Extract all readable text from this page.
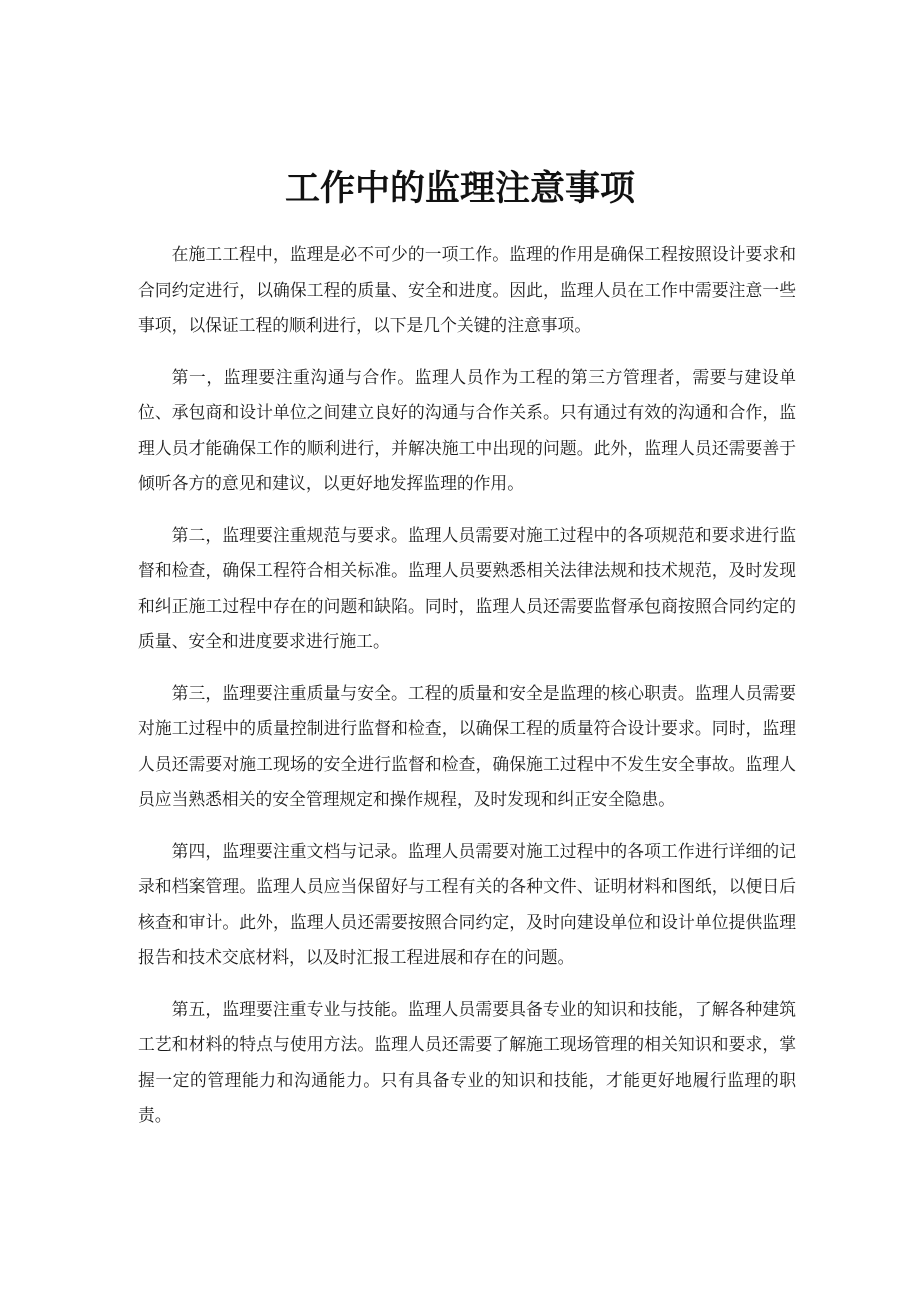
工作中的监理注意事项

在施工工程中，监理是必不可少的一项工作。监理的作用是确保工程按照设计要求和合同约定进行，以确保工程的质量、安全和进度。因此，监理人员在工作中需要注意一些事项，以保证工程的顺利进行，以下是几个关键的注意事项。

第一，监理要注重沟通与合作。监理人员作为工程的第三方管理者，需要与建设单位、承包商和设计单位之间建立良好的沟通与合作关系。只有通过有效的沟通和合作，监理人员才能确保工作的顺利进行，并解决施工中出现的问题。此外，监理人员还需要善于倾听各方的意见和建议，以更好地发挥监理的作用。

第二，监理要注重规范与要求。监理人员需要对施工过程中的各项规范和要求进行监督和检查，确保工程符合相关标准。监理人员要熟悉相关法律法规和技术规范，及时发现和纠正施工过程中存在的问题和缺陷。同时，监理人员还需要监督承包商按照合同约定的质量、安全和进度要求进行施工。

第三，监理要注重质量与安全。工程的质量和安全是监理的核心职责。监理人员需要对施工过程中的质量控制进行监督和检查，以确保工程的质量符合设计要求。同时，监理人员还需要对施工现场的安全进行监督和检查，确保施工过程中不发生安全事故。监理人员应当熟悉相关的安全管理规定和操作规程，及时发现和纠正安全隐患。

第四，监理要注重文档与记录。监理人员需要对施工过程中的各项工作进行详细的记录和档案管理。监理人员应当保留好与工程有关的各种文件、证明材料和图纸，以便日后核查和审计。此外，监理人员还需要按照合同约定，及时向建设单位和设计单位提供监理报告和技术交底材料，以及时汇报工程进展和存在的问题。

第五，监理要注重专业与技能。监理人员需要具备专业的知识和技能，了解各种建筑工艺和材料的特点与使用方法。监理人员还需要了解施工现场管理的相关知识和要求，掌握一定的管理能力和沟通能力。只有具备专业的知识和技能，才能更好地履行监理的职责。
